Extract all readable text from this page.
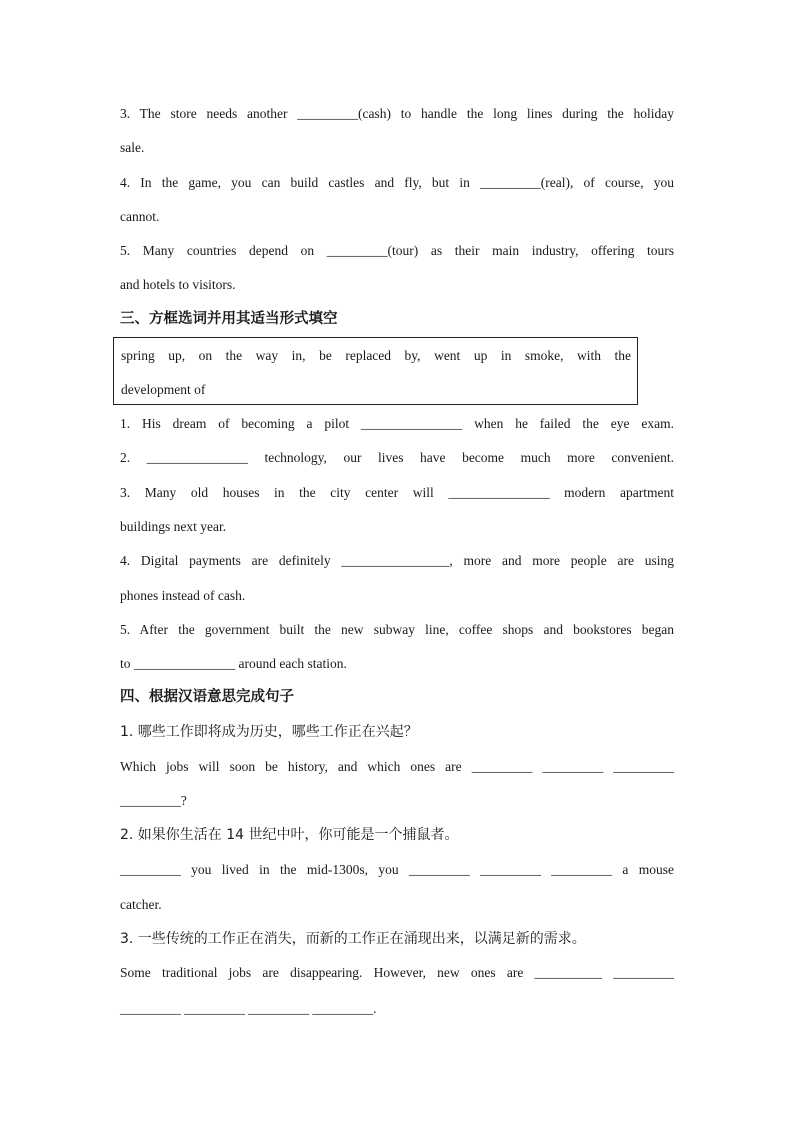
3. The store needs another _________(cash) to handle the long lines during the holiday
sale.
4. In the game, you can build castles and fly, but in _________(real), of course, you
cannot.
5. Many countries depend on _________(tour) as their main industry, offering tours
and hotels to visitors.
三、方框选词并用其适当形式填空
1. His dream of becoming a pilot _______________ when he failed the eye exam.
2. _______________ technology, our lives have become much more convenient.
3. Many old houses in the city center will _______________ modern apartment
buildings next year.
4. Digital payments are definitely ________________, more and more people are using
phones instead of cash.
5. After the government built the new subway line, coffee shops and bookstores began
to _______________ around each station.
四、根据汉语意思完成句子
1. 哪些工作即将成为历史，哪些工作正在兴起？
Which jobs will soon be history, and which ones are _________ _________ _________
_________?
2. 如果你生活在 14 世纪中叶，你可能是一个捕鼠者。
_________ you lived in the mid-1300s, you _________ _________ _________ a mouse
catcher.
3. 一些传统的工作正在消失，而新的工作正在涌现出来，以满足新的需求。
Some traditional jobs are disappearing. However, new ones are __________ _________
_________ _________ _________ _________.
spring up, on the way in, be replaced by, went up in smoke, with the
development of
